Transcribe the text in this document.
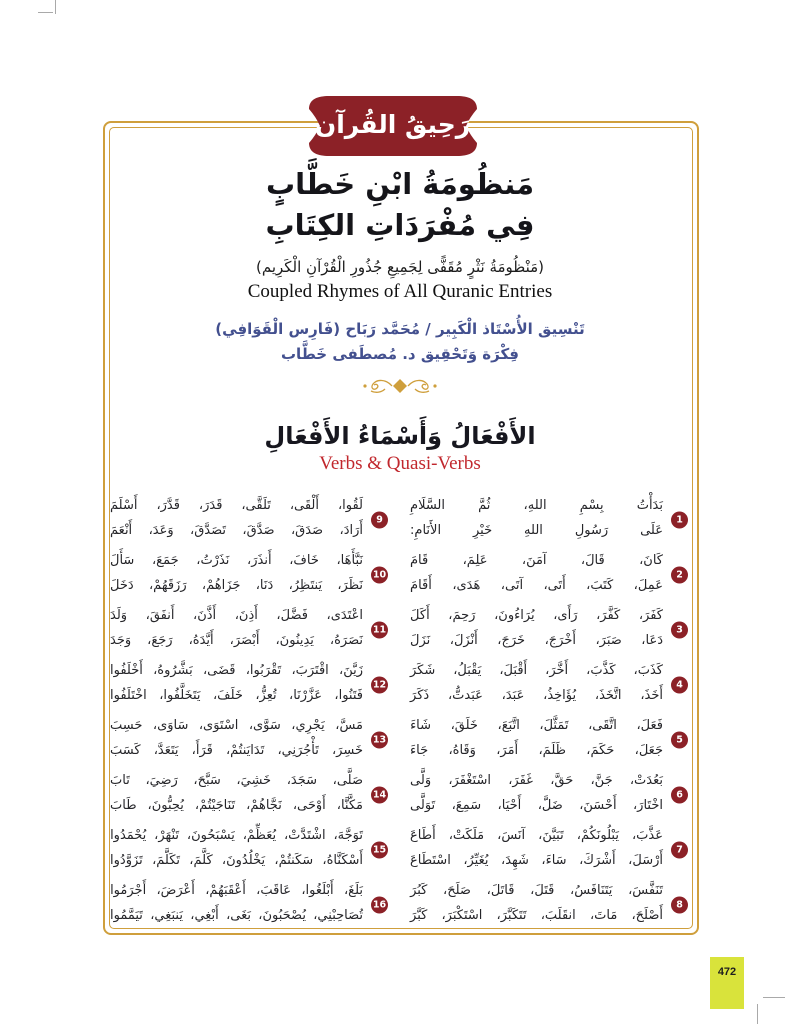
رَحِيقُ القُرآن
مَنظُومَةُ ابْنِ خَطَّابٍ
فِي مُفْرَدَاتِ الكِتَابِ
(مَنْظُومَةُ نَثْرٍ مُقَفًّى لِجَمِيعِ جُذُورِ الْقُرْآنِ الْكَرِيم)
Coupled Rhymes of All Quranic Entries
تَنْسِيق الأُسْتَاذ الْكَبِير / مُحَمَّد رَبَاح (فَارِس الْقَوَافِي)
فِكْرَة وَتَحْقِيق د. مُصطَفى خَطَّاب
الأَفْعَالُ وَأَسْمَاءُ الأَفْعَالِ
Verbs & Quasi-Verbs
1
بَدَأْتُ
بِسْمِ
اللهِ،
ثُمَّ
السَّلَامِ
عَلَى
رَسُولِ
اللهِ
خَيْرِ
الأَنَامِ:
2
كَانَ،
قَالَ،
آمَنَ،
عَلِمَ،
قَامَ
عَمِلَ،
كَتَبَ،
أَتَى،
آتَى،
هَدَى،
أَقَامَ
3
كَفَرَ،
كَفَّرَ،
رَأَى،
يُرَاءُونَ،
رَحِمَ،
أَكَلَ
دَعَا،
صَبَرَ،
أَخْرَجَ،
خَرَجَ،
أَنْزَلَ،
نَزَلَ
4
كَذَبَ،
كَذَّبَ،
أَخَّرَ،
أَقْبَلَ،
يَقْبَلُ،
شَكَرَ
أَخَذَ،
اتَّخَذَ،
يُؤَاخِذُ،
عَبَدَ،
عَبَدتُّ،
ذَكَرَ
5
فَعَلَ،
اتَّقَى،
تَمَثَّلَ،
اتَّبَعَ،
خَلَقَ،
شَاءَ
جَعَلَ،
حَكَمَ،
ظَلَمَ،
أَمَرَ،
وَقَاهُ،
جَاءَ
6
بَعُدَتْ،
جَنَّ،
حَقَّ،
غَفَرَ،
اسْتَغْفَرَ،
وَلَّى
اخْتَارَ،
أَحْسَنَ،
ضَلَّ،
أَحْيَا،
سَمِعَ،
تَوَلَّى
7
عَذَّبَ،
يَبْلُونَكُمْ،
تَبَيَّنَ،
آنَسَ،
مَلَكَتْ،
أَطَاعَ
أَرْسَلَ،
أَشْرَكَ،
سَاءَ،
شَهِدَ،
يُغَيِّرُ،
اسْتَطَاعَ
8
تَنَفَّسَ،
يَتَنَافَسُ،
قَتَلَ،
قَاتَلَ،
صَلَحَ،
كَبُرَ
أَصْلَحَ،
مَاتَ،
انقَلَبَ،
تَتَكَبَّرَ،
اسْتَكْبَرَ،
كَبَّرَ
9
لَقُوا،
أَلْقَى،
تَلَقَّى،
قَدَرَ،
قَدَّرَ،
أَسْلَمَ
أَرَادَ،
صَدَقَ،
صَدَّقَ،
تَصَدَّقَ،
وَعَدَ،
أَنْعَمَ
10
نَبَّأَهَا،
خَافَ،
أَنذَرَ،
نَذَرْتُ،
جَمَعَ،
سَأَلَ
نَظَرَ،
يَنتَظِرُ،
دَنَا،
جَزَاهُمْ،
رَزَقَهُمْ،
دَخَلَ
11
اعْتَدَى،
فَضَّلَ،
أَذِنَ،
أَذَّنَ،
أَنفَقَ،
وَلَدَ
نَصَرَهُ،
يَدِينُونَ،
أَبْصَرَ،
أَيَّدَهُ،
رَجَعَ،
وَجَدَ
12
زَيَّنَ،
اقْتَرَبَ،
تَقْرَبُوا،
قَضَى،
بَشَّرُوهُ،
أَخْلَفُوا
فَتَنُوا،
عَزَّرْنَا،
تُعِزُّ،
خَلَفَ،
يَتَخَلَّفُوا،
اخْتَلَفُوا
13
مَسَّ،
يَجْرِي،
سَوَّى،
اسْتَوَى،
سَاوَى،
حَسِبَ
خَسِرَ،
تَأْجُرَنِي،
تَدَايَنتُمْ،
قَرَأَ،
يَتَعَدَّ،
كَسَبَ
14
صَلَّى،
سَجَدَ،
خَشِيَ،
سَبَّحَ،
رَضِيَ،
تَابَ
مَكَّنَّا،
أَوْحَى،
نَجَّاهُمْ،
تَنَاجَيْتُمْ،
يُحِبُّونَ،
طَابَ
15
تَوَجَّهَ،
اشْتَدَّتْ،
يُعَظِّمْ،
يَسْبَحُونَ،
تَنْهَرْ،
يُحْمَدُوا
أَسْكَنَّاهُ،
سَكَنتُمْ،
يَخْلُدُونَ،
كَلَّمَ،
تَكَلَّمَ،
تَزَوَّدُوا
16
بَلَغَ،
أَبْلَغُوا،
عَاقَبَ،
أَعْقَبَهُمْ،
أَعْرَضَ،
أَجْرَمُوا
تُصَاحِبْنِي،
يُصْحَبُونَ،
بَغَى،
أَبْغِي،
يَنبَغِي،
تَيَمَّمُوا
472
